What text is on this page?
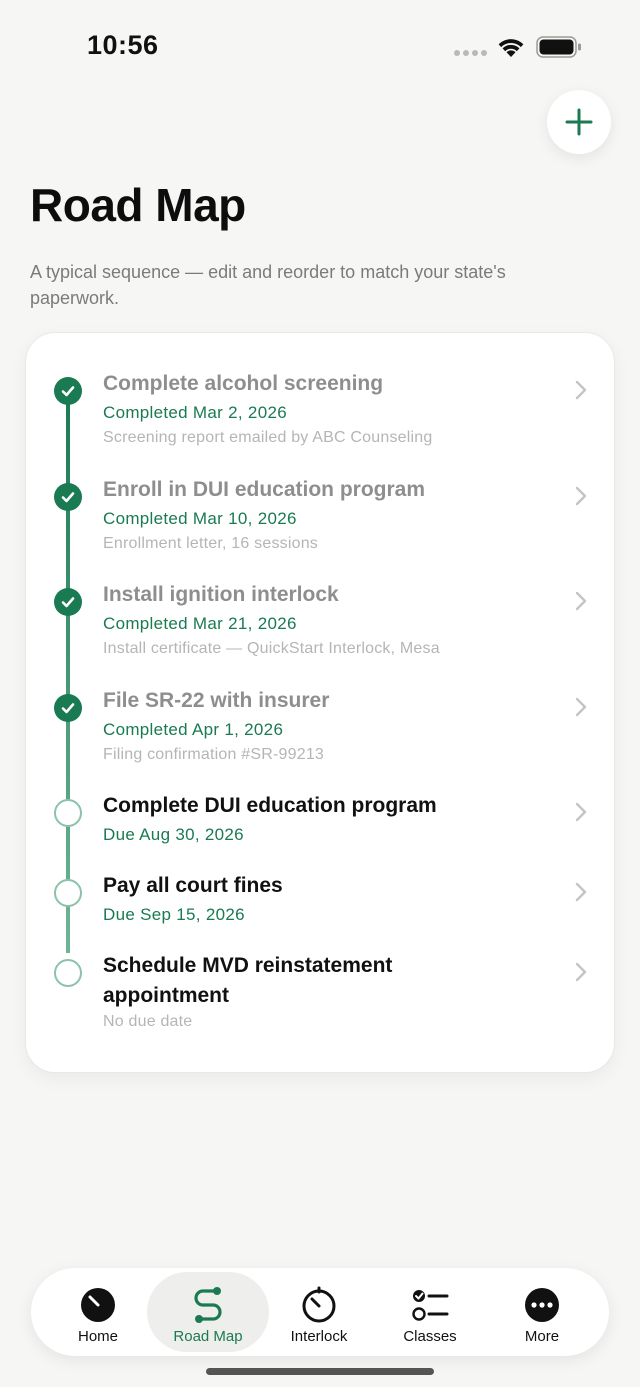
10:56
Road Map

A typical sequence — edit and reorder to match your state's paperwork.

Complete alcohol screening
Completed Mar 2, 2026
Screening report emailed by ABC Counseling
Enroll in DUI education program
Completed Mar 10, 2026
Enrollment letter, 16 sessions
Install ignition interlock
Completed Mar 21, 2026
Install certificate — QuickStart Interlock, Mesa
File SR-22 with insurer
Completed Apr 1, 2026
Filing confirmation #SR-99213
Complete DUI education program
Due Aug 30, 2026
Pay all court fines
Due Sep 15, 2026
Schedule MVD reinstatement appointment
No due date
Home	Road Map	Interlock	Classes	More
